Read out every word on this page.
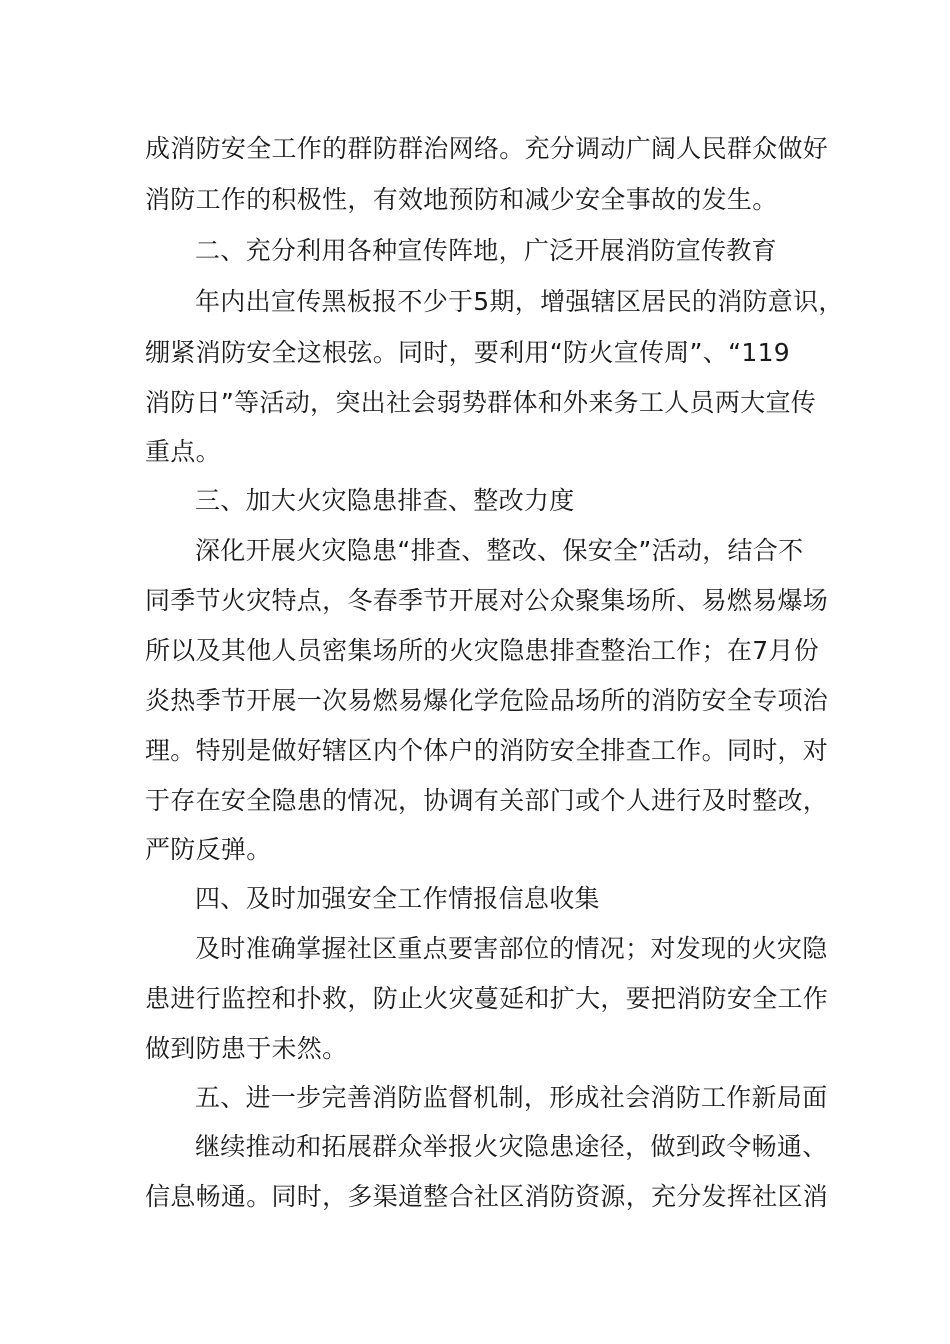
成消防安全工作的群防群治网络。充分调动广阔人民群众做好
消防工作的积极性，有效地预防和减少安全事故的发生。
二、充分利用各种宣传阵地，广泛开展消防宣传教育
年内出宣传黑板报不少于5期，增强辖区居民的消防意识，
绷紧消防安全这根弦。同时，要利用“防火宣传周”、“119
消防日”等活动，突出社会弱势群体和外来务工人员两大宣传
重点。
三、加大火灾隐患排查、整改力度
深化开展火灾隐患“排查、整改、保安全”活动，结合不
同季节火灾特点，冬春季节开展对公众聚集场所、易燃易爆场
所以及其他人员密集场所的火灾隐患排查整治工作；在7月份
炎热季节开展一次易燃易爆化学危险品场所的消防安全专项治
理。特别是做好辖区内个体户的消防安全排查工作。同时，对
于存在安全隐患的情况，协调有关部门或个人进行及时整改，
严防反弹。
四、及时加强安全工作情报信息收集
及时准确掌握社区重点要害部位的情况；对发现的火灾隐
患进行监控和扑救，防止火灾蔓延和扩大，要把消防安全工作
做到防患于未然。
五、进一步完善消防监督机制，形成社会消防工作新局面
继续推动和拓展群众举报火灾隐患途径，做到政令畅通、
信息畅通。同时，多渠道整合社区消防资源，充分发挥社区消
